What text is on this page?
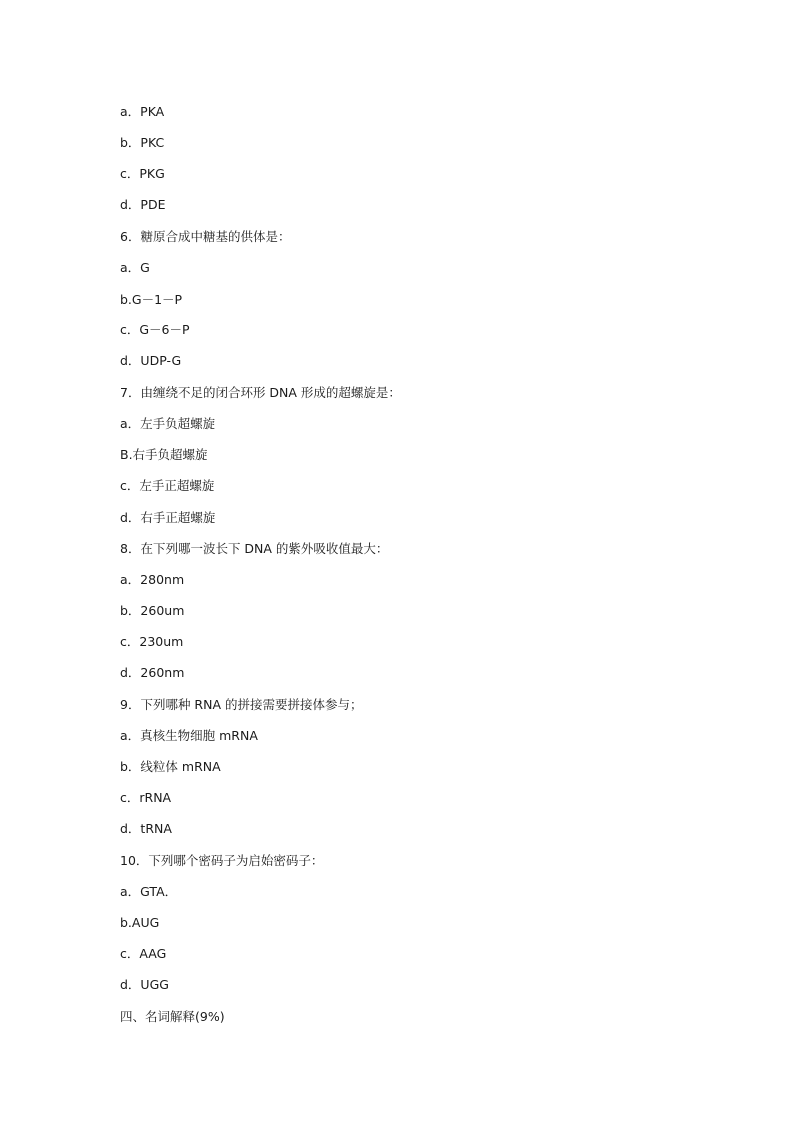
a．PKA

b．PKC

c．PKG

d．PDE

6．糖原合成中糖基的供体是：

a．G

b.G－1－P

c．G－6－P

d．UDP-G

7．由缠绕不足的闭合环形 DNA 形成的超螺旋是：

a．左手负超螺旋

B.右手负超螺旋

c．左手正超螺旋

d．右手正超螺旋

8．在下列哪一波长下 DNA 的紫外吸收值最大：

a．280nm

b．260um

c．230um

d．260nm

9．下列哪种 RNA 的拼接需要拼接体参与；

a．真核生物细胞 mRNA

b．线粒体 mRNA

c．rRNA

d．tRNA

10．下列哪个密码子为启始密码子：

a．GTA．

b.AUG

c．AAG

d．UGG

四、名词解释(9%)
